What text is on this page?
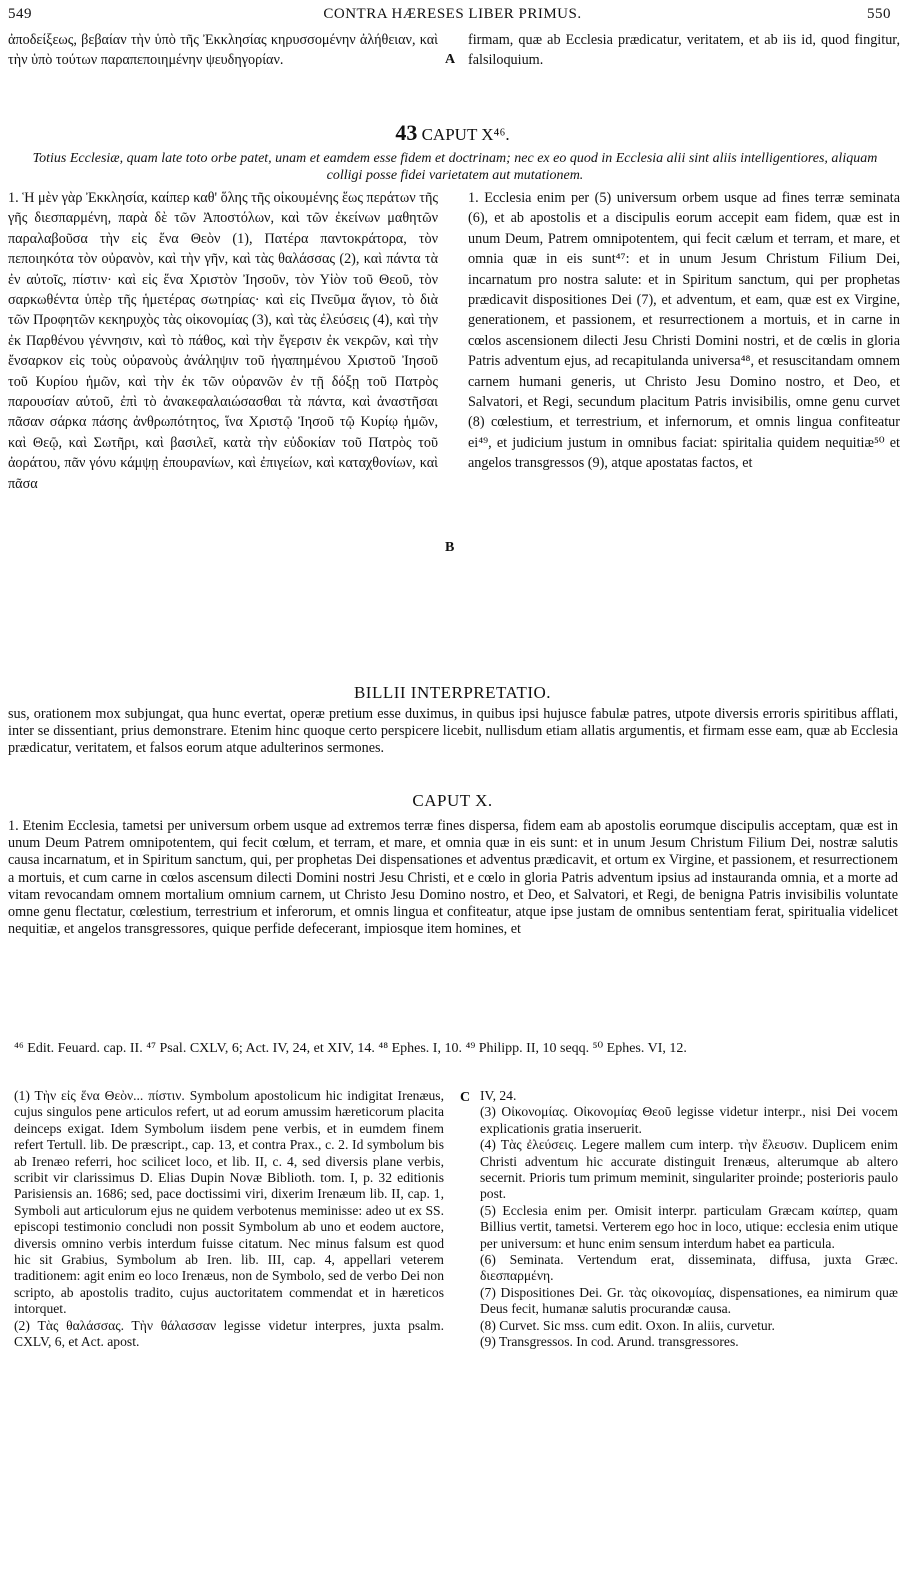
549	CONTRA HÆRESES LIBER PRIMUS.	550
ἀποδείξεως, βεβαίαν τὴν ὑπὸ τῆς Ἐκκλησίας κηρυσσομένην ἀλήθειαν, καὶ τὴν ὑπὸ τούτων παραπεποιημένην ψευδηγορίαν.	A
firmam, quæ ab Ecclesia prædicatur, veritatem, et ab iis id, quod fingitur, falsiloquium.
43 CAPUT X⁴⁶.
Totius Ecclesiæ, quam late toto orbe patet, unam et eamdem esse fidem et doctrinam; nec ex eo quod in Ecclesia alii sint aliis intelligentiores, aliquam colligi posse fidei varietatem aut mutationem.
1. Ἡ μὲν γὰρ Ἐκκλησία, καίπερ καθ' ὅλης τῆς οἰκουμένης ἕως περάτων τῆς γῆς διεσπαρμένη, παρὰ δὲ τῶν Ἀποστόλων, καὶ τῶν ἐκείνων μαθητῶν παραλαβοῦσα τὴν εἰς ἕνα Θεὸν (1), Πατέρα παντοκράτορα, τὸν πεποιηκότα τὸν οὐρανὸν, καὶ τὴν γῆν, καὶ τὰς θαλάσσας (2), καὶ πάντα τὰ ἐν αὐτοῖς, πίστιν· καὶ εἰς ἕνα Χριστὸν Ἰησοῦν, τὸν Υἱὸν τοῦ Θεοῦ, τὸν σαρκωθέντα ὑπὲρ τῆς ἡμετέρας σωτηρίας· καὶ εἰς Πνεῦμα ἅγιον, τὸ διὰ τῶν Προφητῶν κεκηρυχὸς τὰς οἰκονομίας (3), καὶ τὰς ἐλεύσεις (4), καὶ τὴν ἐκ Παρθένου γέννησιν, καὶ τὸ πάθος, καὶ τὴν ἔγερσιν ἐκ νεκρῶν, καὶ τὴν ἔνσαρκον εἰς τοὺς οὐρανοὺς ἀνάληψιν τοῦ ἠγαπημένου Χριστοῦ Ἰησοῦ τοῦ Κυρίου ἡμῶν, καὶ τὴν ἐκ τῶν οὐρανῶν ἐν τῇ δόξῃ τοῦ Πατρὸς παρουσίαν αὐτοῦ, ἐπὶ τὸ ἀνακεφαλαιώσασθαι τὰ πάντα, καὶ ἀναστῆσαι πᾶσαν σάρκα πάσης ἀνθρωπότητος, ἵνα Χριστῷ Ἰησοῦ τῷ Κυρίῳ ἡμῶν, καὶ Θεῷ, καὶ Σωτῆρι, καὶ βασιλεῖ, κατὰ τὴν εὐδοκίαν τοῦ Πατρὸς τοῦ ἀοράτου, πᾶν γόνυ κάμψῃ ἐπουρανίων, καὶ ἐπιγείων, καὶ καταχθονίων, καὶ πᾶσα
B
1. Ecclesia enim per (5) universum orbem usque ad fines terræ seminata (6), et ab apostolis et a discipulis eorum accepit eam fidem, quæ est in unum Deum, Patrem omnipotentem, qui fecit cælum et terram, et mare, et omnia quæ in eis sunt⁴⁷: et in unum Jesum Christum Filium Dei, incarnatum pro nostra salute: et in Spiritum sanctum, qui per prophetas prædicavit dispositiones Dei (7), et adventum, et eam, quæ est ex Virgine, generationem, et passionem, et resurrectionem a mortuis, et in carne in cœlos ascensionem dilecti Jesu Christi Domini nostri, et de cœlis in gloria Patris adventum ejus, ad recapitulanda universa⁴⁸, et resuscitandam omnem carnem humani generis, ut Christo Jesu Domino nostro, et Deo, et Salvatori, et Regi, secundum placitum Patris invisibilis, omne genu curvet (8) cœlestium, et terrestrium, et infernorum, et omnis lingua confiteatur ei⁴⁹, et judicium justum in omnibus faciat: spiritalia quidem nequitiæ⁵⁰ et angelos transgressos (9), atque apostatas factos, et
BILLII INTERPRETATIO.
sus, orationem mox subjungat, qua hunc evertat, operæ pretium esse duximus, in quibus ipsi hujusce fabulæ patres, utpote diversis erroris spiritibus afflati, inter se dissentiant, prius demonstrare. Etenim hinc quoque certo perspicere licebit, nullisdum etiam allatis argumentis, et firmam esse eam, quæ ab Ecclesia prædicatur, veritatem, et falsos eorum atque adulterinos sermones.
CAPUT X.
1. Etenim Ecclesia, tametsi per universum orbem usque ad extremos terræ fines dispersa, fidem eam ab apostolis eorumque discipulis acceptam, quæ est in unum Deum Patrem omnipotentem, qui fecit cœlum, et terram, et mare, et omnia quæ in eis sunt: et in unum Jesum Christum Filium Dei, nostræ salutis causa incarnatum, et in Spiritum sanctum, qui, per prophetas Dei dispensationes et adventus prædicavit, et ortum ex Virgine, et passionem, et resurrectionem a mortuis, et cum carne in cœlos ascensum dilecti Domini nostri Jesu Christi, et e cœlo in gloria Patris adventum ipsius ad instauranda omnia, et a morte ad vitam revocandam omnem mortalium omnium carnem, ut Christo Jesu Domino nostro, et Deo, et Salvatori, et Regi, de benigna Patris invisibilis voluntate omne genu flectatur, cœlestium, terrestrium et inferorum, et omnis lingua et confiteatur, atque ipse justam de omnibus sententiam ferat, spiritualia videlicet nequitiæ, et angelos transgressores, quique perfide defecerant, impiosque item homines, et
⁴⁶ Edit. Feuard. cap. II. ⁴⁷ Psal. CXLV, 6; Act. IV, 24, et XIV, 14. ⁴⁸ Ephes. I, 10. ⁴⁹ Philipp. II, 10 seqq. ⁵⁰ Ephes. VI, 12.
(1) Τὴν εἰς ἕνα Θεὸν... πίστιν. Symbolum apostolicum hic indigitat Irenæus, cujus singulos pene articulos refert, ut ad eorum amussim hæreticorum placita deinceps exigat. Idem Symbolum iisdem pene verbis, et in eumdem finem refert Tertull. lib. De præscript., cap. 13, et contra Prax., c. 2. Id symbolum bis ab Irenæo referri, hoc scilicet loco, et lib. II, c. 4, sed diversis plane verbis, scribit vir clarissimus D. Elias Dupin Novæ Biblioth. tom. I, p. 32 editionis Parisiensis an. 1686; sed, pace doctissimi viri, dixerim Irenæum lib. II, cap. 1, Symboli aut articulorum ejus ne quidem verbotenus meminisse: adeo ut ex SS. episcopi testimonio concludi non possit Symbolum ab uno et eodem auctore, diversis omnino verbis interdum fuisse citatum. Nec minus falsum est quod hic sit Grabius, Symbolum ab Iren. lib. III, cap. 4, appellari veterem traditionem: agit enim eo loco Irenæus, non de Symbolo, sed de verbo Dei non scripto, ab apostolis tradito, cujus auctoritatem commendat et in hæreticos intorquet.
(2) Τὰς θαλάσσας. Τὴν θάλασσαν legisse videtur interpres, juxta psalm. CXLV, 6, et Act. apost.
C IV, 24.
(3) Οἰκονομίας. Οἰκονομίας Θεοῦ legisse videtur interpr., nisi Dei vocem explicationis gratia inseruerit.
(4) Τὰς ἐλεύσεις. Legere mallem cum interp. τὴν ἔλευσιν. Duplicem enim Christi adventum hic accurate distinguit Irenæus, alterumque ab altero secernit. Prioris tum primum meminit, singulariter proinde; posterioris paulo post.
(5) Ecclesia enim per. Omisit interpr. particulam Græcam καίπερ, quam Billius vertit, tametsi. Verterem ego hoc in loco, utique: ecclesia enim utique per universum: et hunc enim sensum interdum habet ea particula.
(6) Seminata. Vertendum erat, disseminata, diffusa, juxta Græc. διεσπαρμένη.
(7) Dispositiones Dei. Gr. τὰς οἰκονομίας, dispensationes, ea nimirum quæ Deus fecit, humanæ salutis procurandæ causa.
(8) Curvet. Sic mss. cum edit. Oxon. In aliis, curvetur.
(9) Transgressos. In cod. Arund. transgressores.
